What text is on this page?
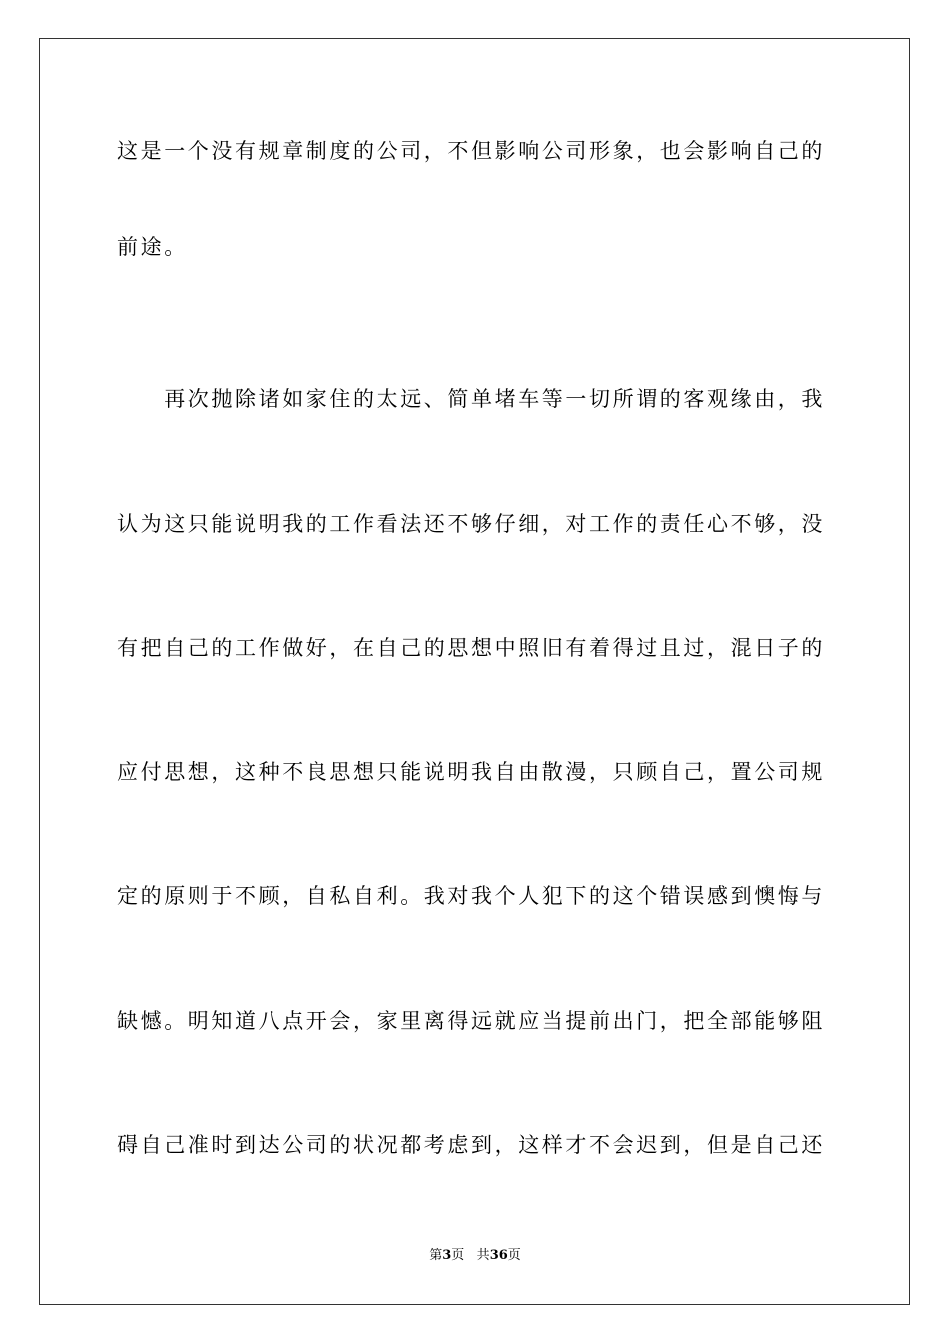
这是一个没有规章制度的公司，不但影响公司形象，也会影响自己的
前途。
　　再次抛除诸如家住的太远、简单堵车等一切所谓的客观缘由，我
认为这只能说明我的工作看法还不够仔细，对工作的责任心不够，没
有把自己的工作做好，在自己的思想中照旧有着得过且过，混日子的
应付思想，这种不良思想只能说明我自由散漫，只顾自己，置公司规
定的原则于不顾，自私自利。我对我个人犯下的这个错误感到懊悔与
缺憾。明知道八点开会，家里离得远就应当提前出门，把全部能够阻
碍自己准时到达公司的状况都考虑到，这样才不会迟到，但是自己还
第3页 共36页
